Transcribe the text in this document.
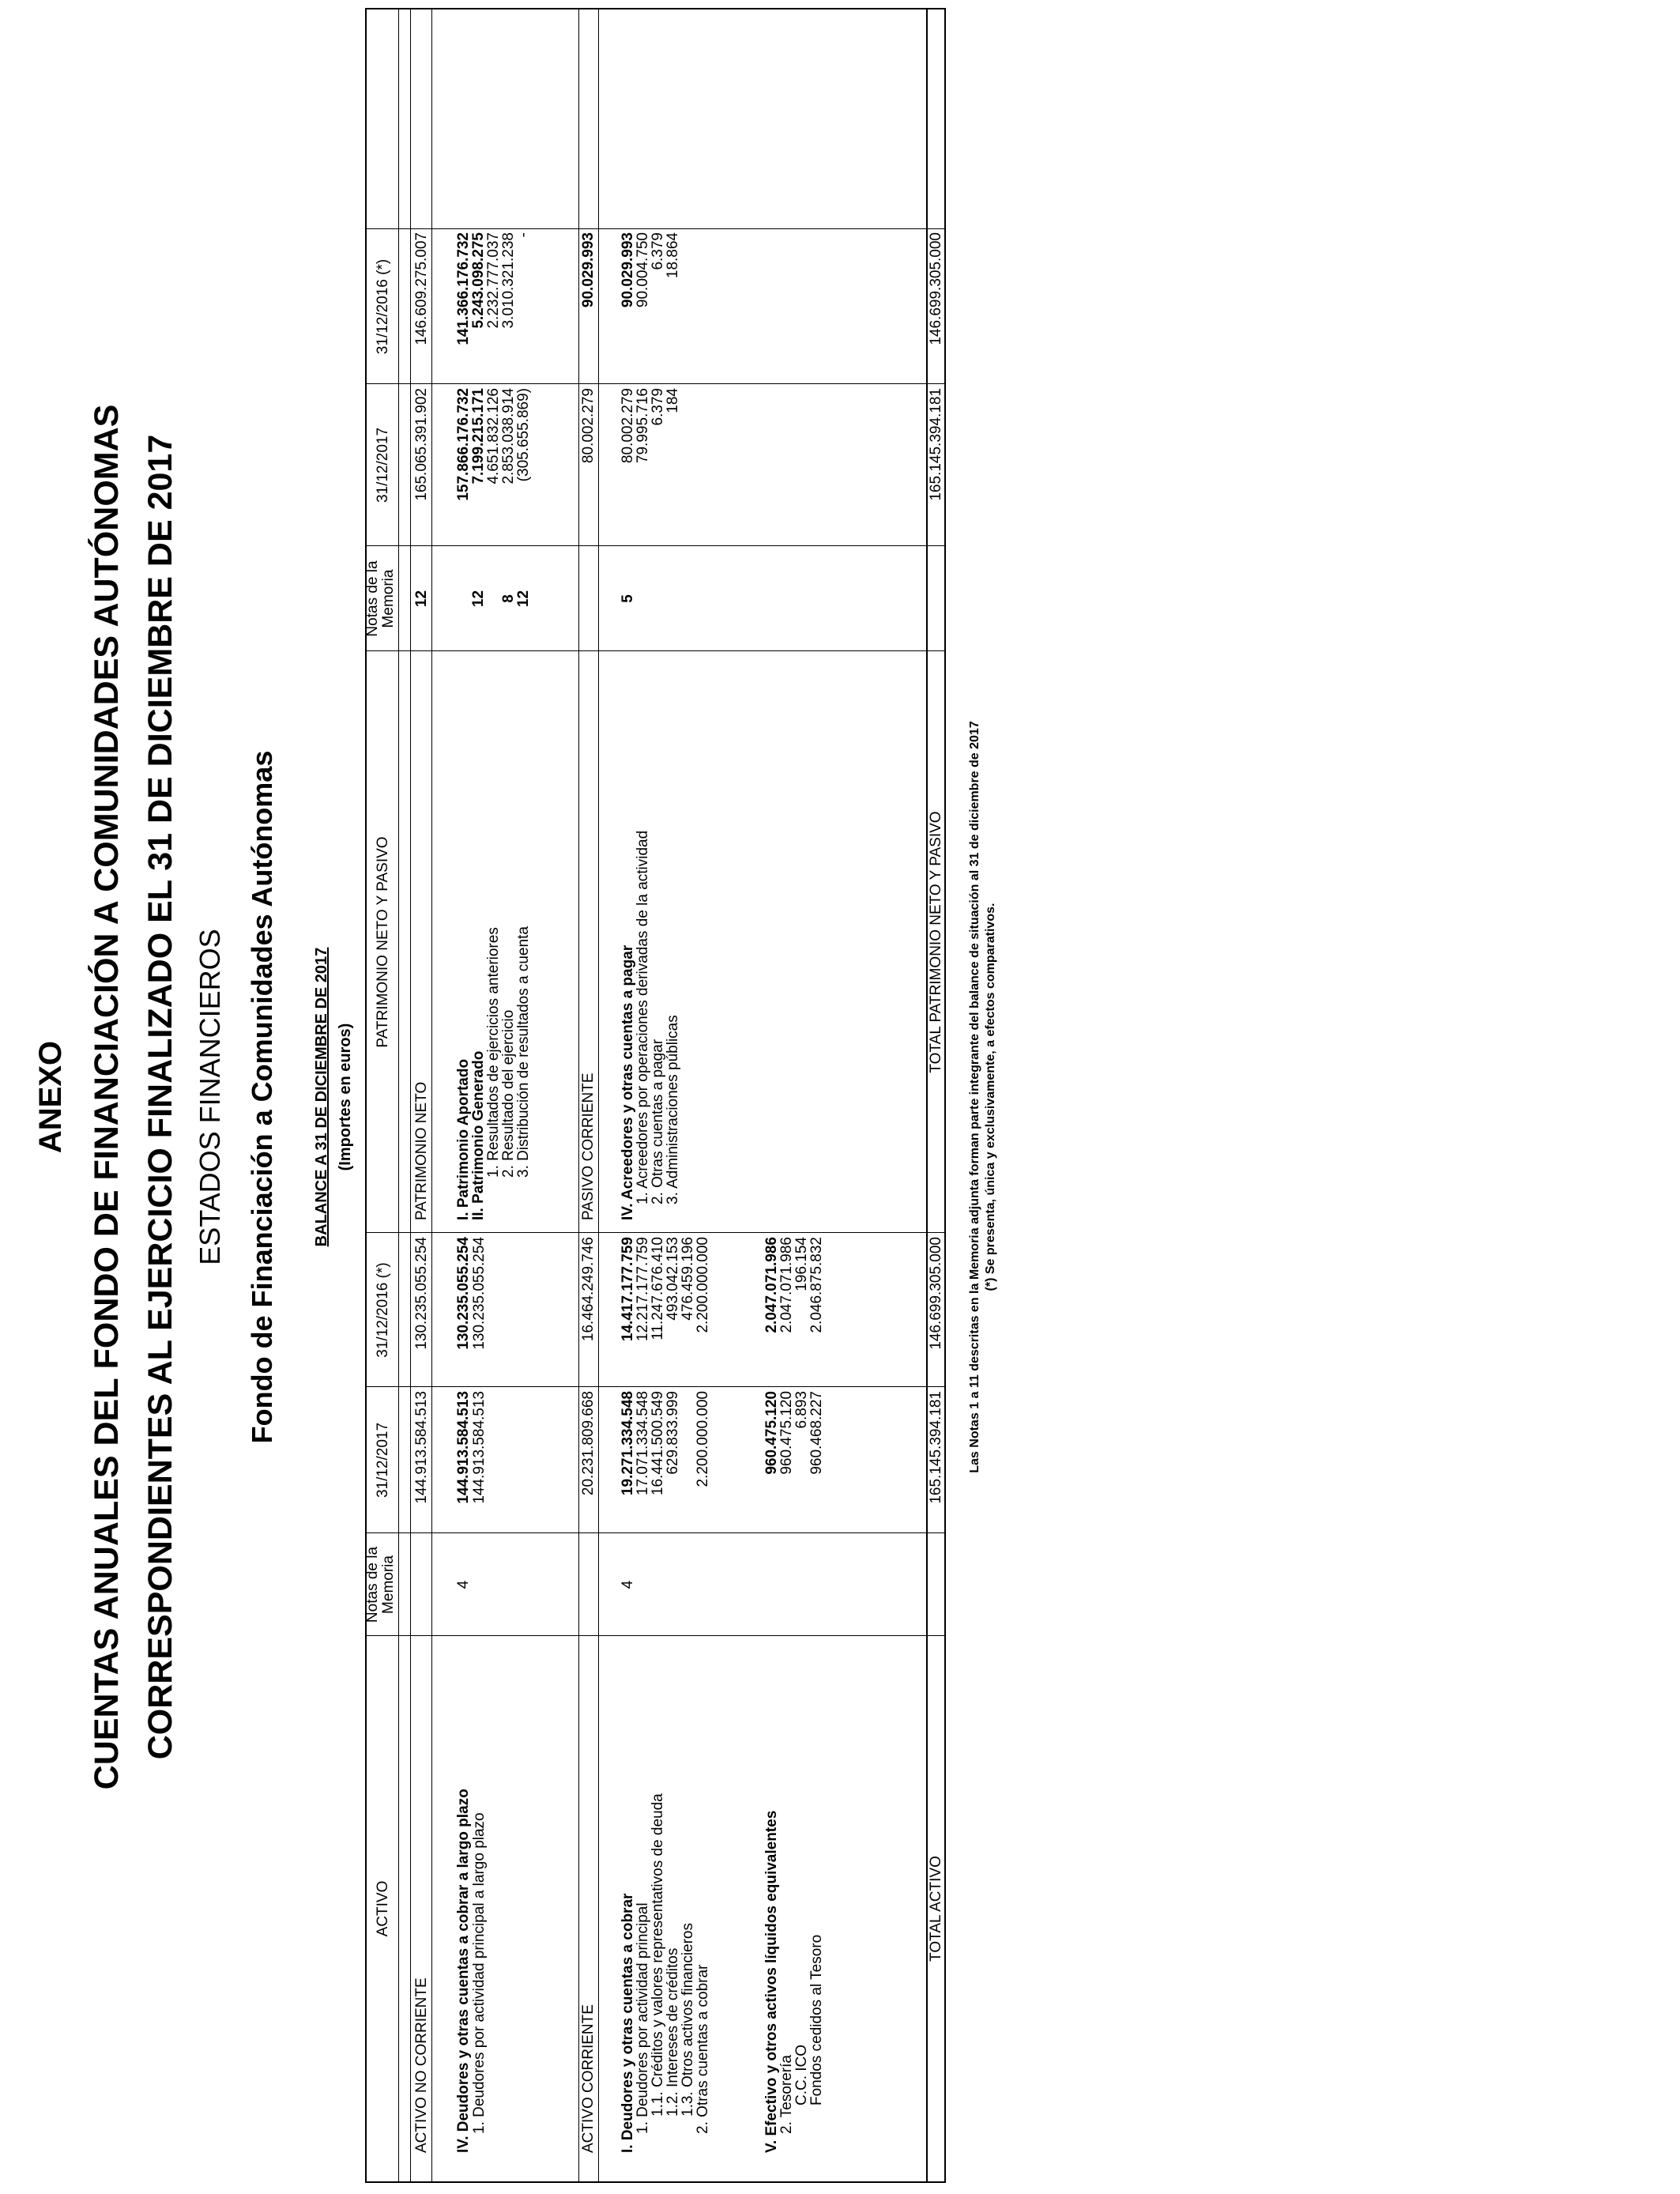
ANEXO CUENTAS ANUALES DEL FONDO DE FINANCIACIÓN A COMUNIDADES AUTÓNOMAS CORRESPONDIENTES AL EJERCICIO FINALIZADO EL 31 DE DICIEMBRE DE 2017 ESTADOS FINANCIEROS Fondo de Financiación a Comunidades Autónomas BALANCE A 31 DE DICIEMBRE DE 2017 (Importes en euros)
ACTIVO
Notas de la Memoria
31/12/2017
31/12/2016 (*)
PATRIMONIO NETO Y PASIVO
Notas de la Memoria
31/12/2017
31/12/2016 (*)
ACTIVO NO CORRIENTE
144.913.584.513
130.235.055.254
IV. Deudores y otras cuentas a cobrar a largo plazo
4
144.913.584.513
130.235.055.254
1. Deudores por actividad principal a largo plazo
144.913.584.513
130.235.055.254
ACTIVO CORRIENTE
20.231.809.668
16.464.249.746
I. Deudores y otras cuentas a cobrar
4
19.271.334.548
14.417.177.759
1. Deudores por actividad principal
17.071.334.548
12.217.177.759
1.1. Créditos y valores representativos de deuda
16.441.500.549
11.247.676.410
1.2. Intereses de créditos
629.833.999
493.042.153
1.3. Otros activos financieros
476.459.196
2. Otras cuentas a cobrar
2.200.000.000
2.200.000.000
V. Efectivo y otros activos líquidos equivalentes
960.475.120
2.047.071.986
2. Tesorería
960.475.120
2.047.071.986
C.C. ICO
6.893
196.154
Fondos cedidos al Tesoro
960.468.227
2.046.875.832
TOTAL ACTIVO
165.145.394.181
146.699.305.000
PATRIMONIO NETO
12
165.065.391.902
146.609.275.007
I. Patrimonio Aportado
157.866.176.732
141.366.176.732
II. Patrimonio Generado
12
7.199.215.171
5.243.098.275
1. Resultados de ejercicios anteriores
4.651.832.126
2.232.777.037
2. Resultado del ejercicio
8
2.853.038.914
3.010.321.238
3. Distribución de resultados a cuenta
12
(305.655.869)
-
PASIVO CORRIENTE
80.002.279
90.029.993
IV. Acreedores y otras cuentas a pagar
5
80.002.279
90.029.993
1. Acreedores por operaciones derivadas de la actividad
79.995.716
90.004.750
2. Otras cuentas a pagar
6.379
6.379
3. Administraciones públicas
184
18.864
TOTAL PATRIMONIO NETO Y PASIVO
165.145.394.181
146.699.305.000
Las Notas 1 a 11 descritas en la Memoria adjunta forman parte integrante del balance de situación al 31 de diciembre de 2017 (*) Se presenta, única y exclusivamente, a efectos comparativos.
